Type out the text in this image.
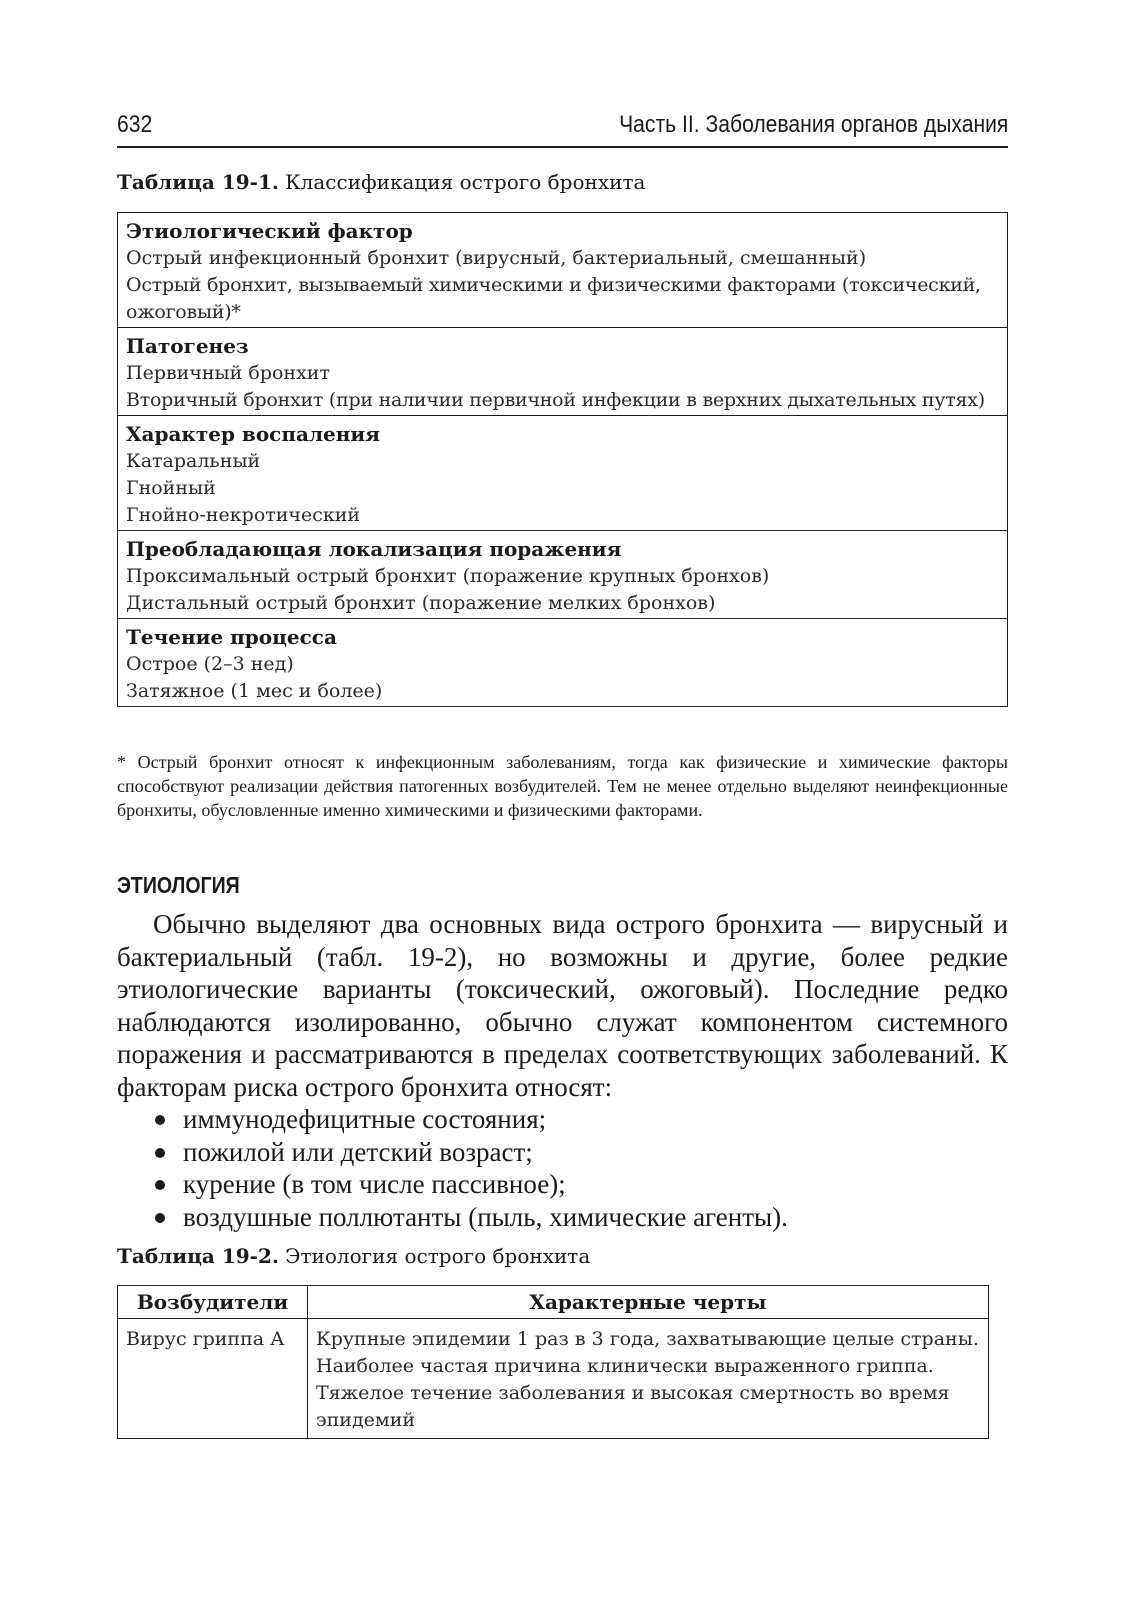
632	Часть II. Заболевания органов дыхания
Таблица 19-1. Классификация острого бронхита
Этиологический фактор
Острый инфекционный бронхит (вирусный, бактериальный, смешанный)
Острый бронхит, вызываемый химическими и физическими факторами (токсический, ожоговый)*
Патогенез
Первичный бронхит
Вторичный бронхит (при наличии первичной инфекции в верхних дыхательных путях)
Характер воспаления
Катаральный
Гнойный
Гнойно-некротический
Преобладающая локализация поражения
Проксимальный острый бронхит (поражение крупных бронхов)
Дистальный острый бронхит (поражение мелких бронхов)
Течение процесса
Острое (2–3 нед)
Затяжное (1 мес и более)
* Острый бронхит относят к инфекционным заболеваниям, тогда как физические и химические факторы способствуют реализации действия патогенных возбудителей. Тем не менее отдельно выделяют неинфекционные бронхиты, обусловленные именно химическими и физическими факторами.
ЭТИОЛОГИЯ
Обычно выделяют два основных вида острого бронхита — вирусный и бактериальный (табл. 19-2), но возможны и другие, более редкие этиологические варианты (токсический, ожоговый). Последние редко наблюдаются изолированно, обычно служат компонентом системного поражения и рассматриваются в пределах соответствующих заболеваний. К факторам риска острого бронхита относят:
иммунодефицитные состояния;
пожилой или детский возраст;
курение (в том числе пассивное);
воздушные поллютанты (пыль, химические агенты).
Таблица 19-2. Этиология острого бронхита
Возбудители	Характерные черты
Вирус гриппа А	Крупные эпидемии 1 раз в 3 года, захватывающие целые страны.
Наиболее частая причина клинически выраженного гриппа.
Тяжелое течение заболевания и высокая смертность во время эпидемий
